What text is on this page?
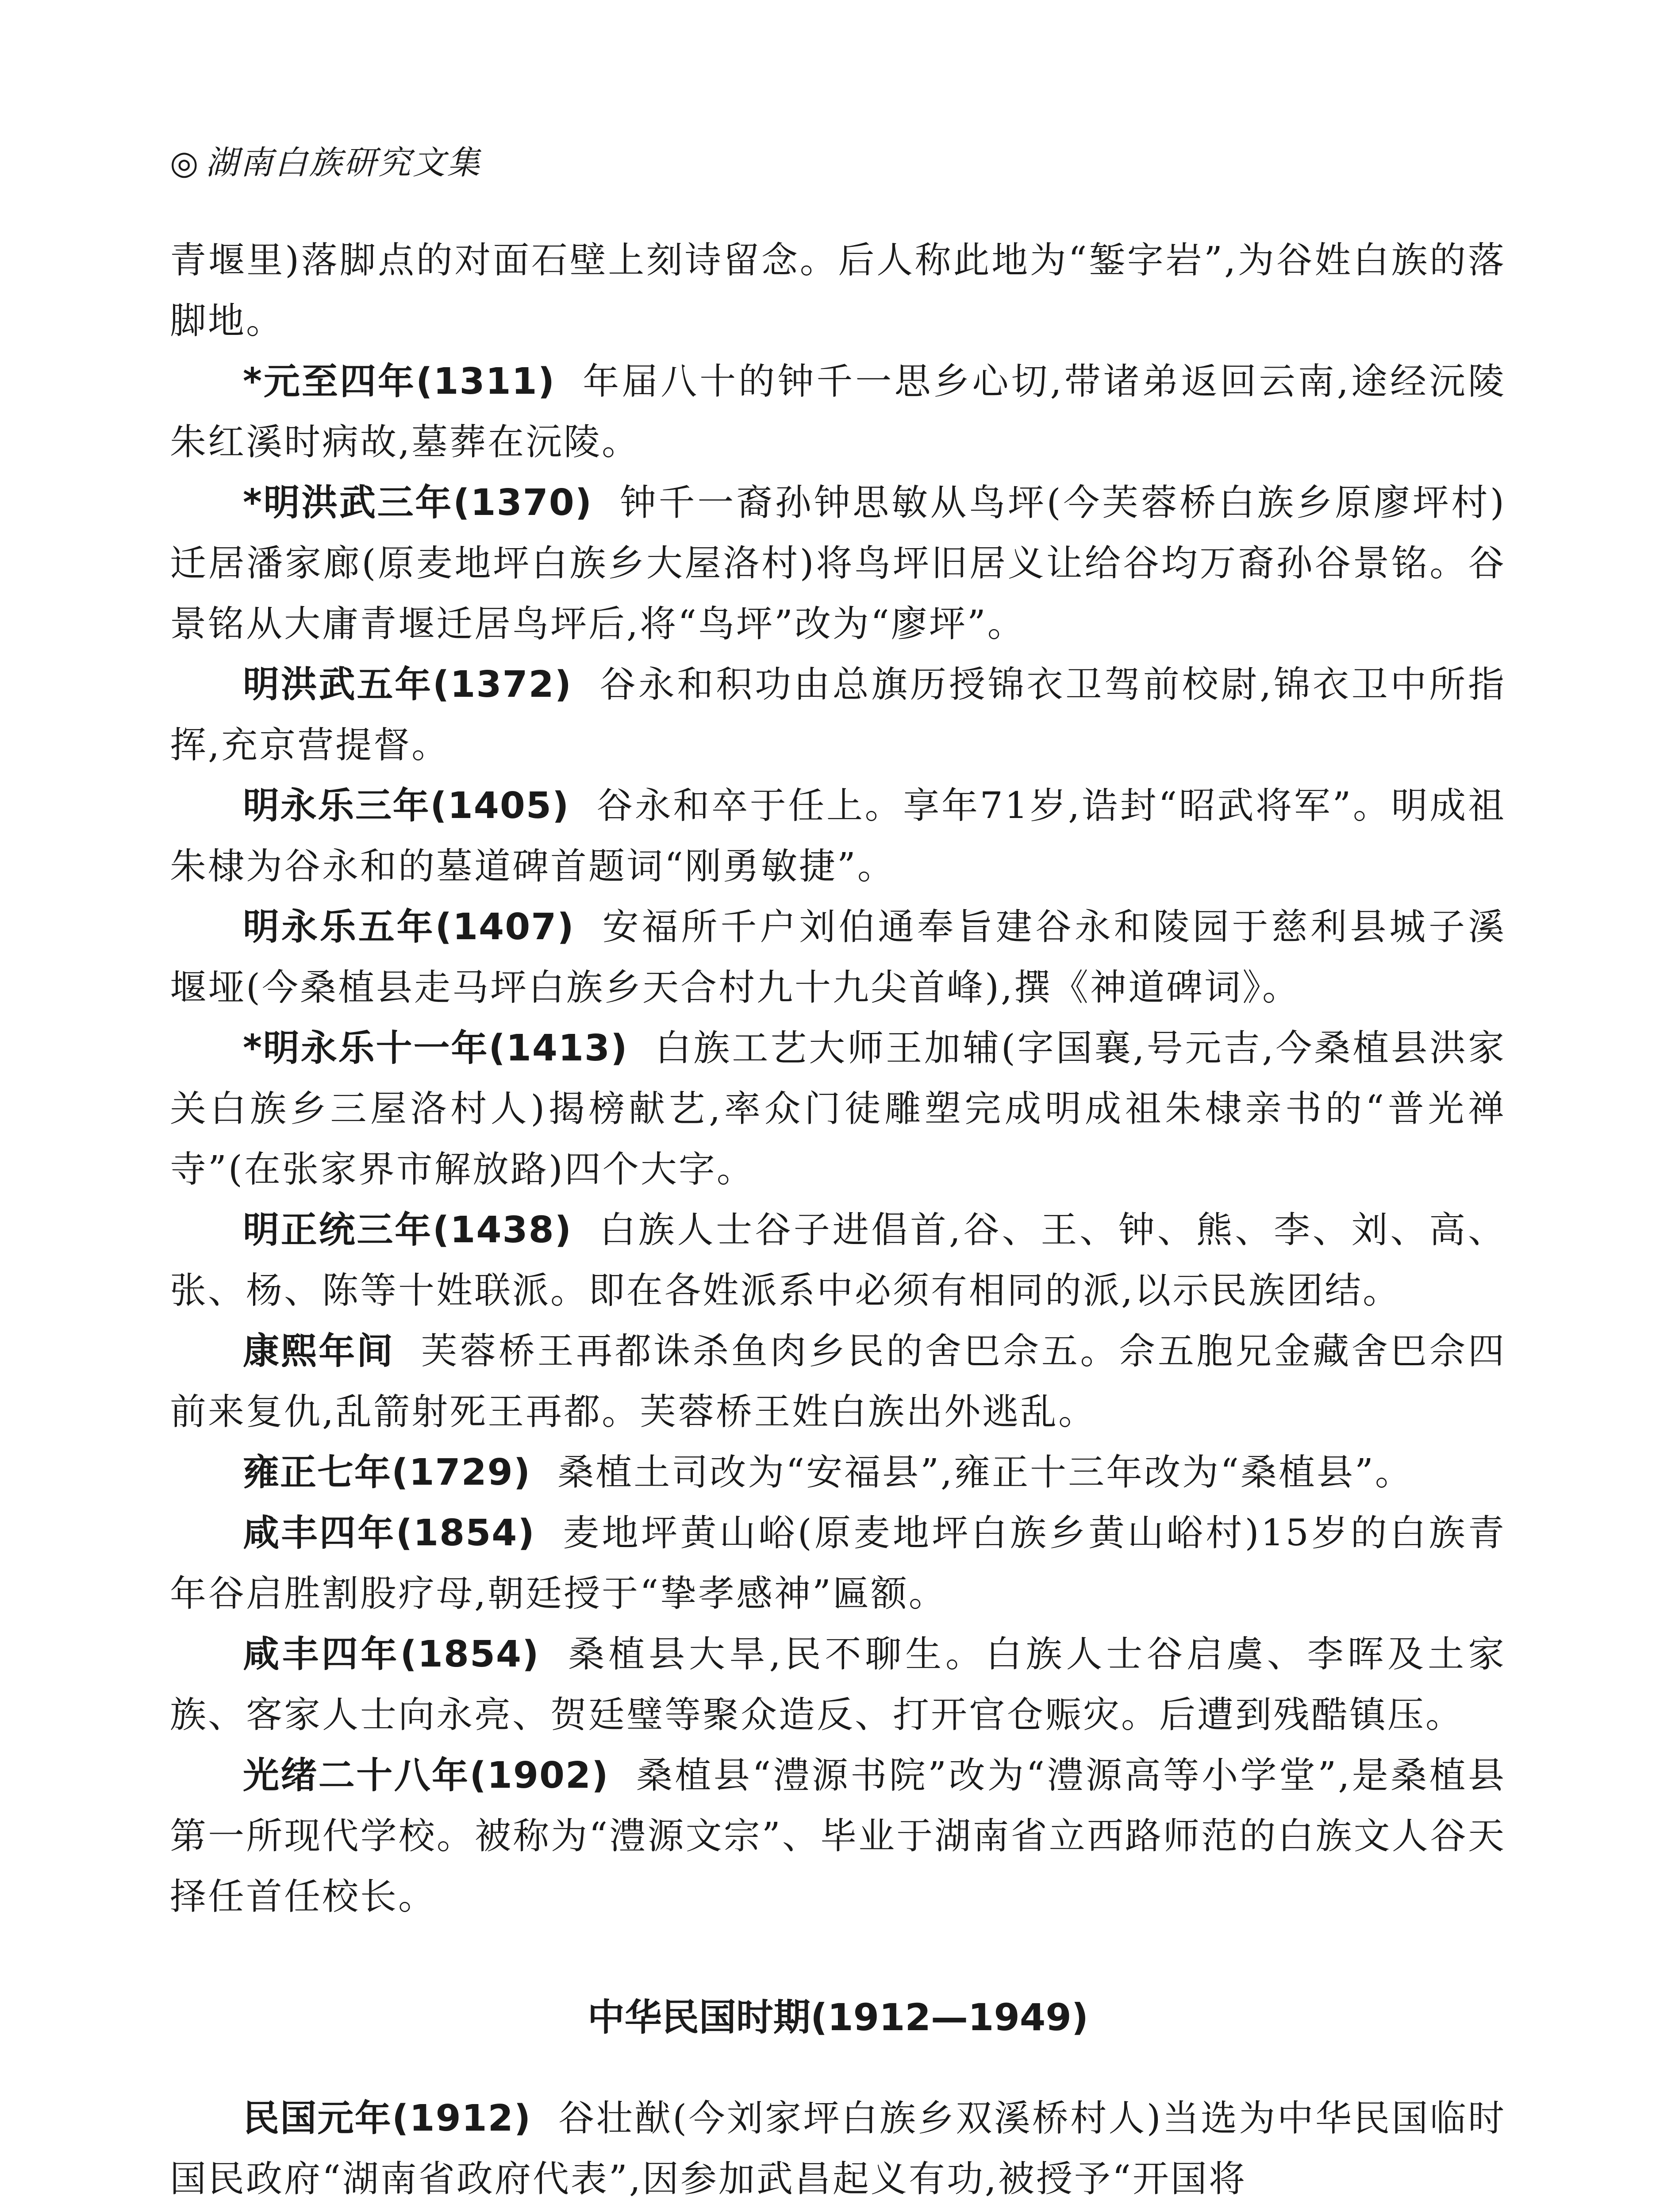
◎ 湖南白族研究文集

青堰里)落脚点的对面石壁上刻诗留念。后人称此地为“錾字岩”,为谷姓白族的落脚地。

*元至四年(1311) 年届八十的钟千一思乡心切,带诸弟返回云南,途经沅陵朱红溪时病故,墓葬在沅陵。

*明洪武三年(1370) 钟千一裔孙钟思敏从鸟坪(今芙蓉桥白族乡原廖坪村)迁居潘家廊(原麦地坪白族乡大屋洛村)将鸟坪旧居义让给谷均万裔孙谷景铭。谷景铭从大庸青堰迁居鸟坪后,将“鸟坪”改为“廖坪”。

明洪武五年(1372) 谷永和积功由总旗历授锦衣卫驾前校尉,锦衣卫中所指挥,充京营提督。

明永乐三年(1405) 谷永和卒于任上。享年71岁,诰封“昭武将军”。明成祖朱棣为谷永和的墓道碑首题词“刚勇敏捷”。

明永乐五年(1407) 安福所千户刘伯通奉旨建谷永和陵园于慈利县城子溪堰垭(今桑植县走马坪白族乡天合村九十九尖首峰),撰《神道碑词》。

*明永乐十一年(1413) 白族工艺大师王加辅(字国襄,号元吉,今桑植县洪家关白族乡三屋洛村人)揭榜献艺,率众门徒雕塑完成明成祖朱棣亲书的“普光禅寺”(在张家界市解放路)四个大字。

明正统三年(1438) 白族人士谷子进倡首,谷、王、钟、熊、李、刘、高、张、杨、陈等十姓联派。即在各姓派系中必须有相同的派,以示民族团结。

康熙年间 芙蓉桥王再都诛杀鱼肉乡民的舍巴佘五。佘五胞兄金藏舍巴佘四前来复仇,乱箭射死王再都。芙蓉桥王姓白族出外逃乱。

雍正七年(1729) 桑植土司改为“安福县”,雍正十三年改为“桑植县”。

咸丰四年(1854) 麦地坪黄山峪(原麦地坪白族乡黄山峪村)15岁的白族青年谷启胜割股疗母,朝廷授于“挚孝感神”匾额。

咸丰四年(1854) 桑植县大旱,民不聊生。白族人士谷启虞、李晖及土家族、客家人士向永亮、贺廷璧等聚众造反、打开官仓赈灾。后遭到残酷镇压。

光绪二十八年(1902) 桑植县“澧源书院”改为“澧源高等小学堂”,是桑植县第一所现代学校。被称为“澧源文宗”、毕业于湖南省立西路师范的白族文人谷天择任首任校长。

中华民国时期(1912—1949)

民国元年(1912) 谷壮猷(今刘家坪白族乡双溪桥村人)当选为中华民国临时国民政府“湖南省政府代表”,因参加武昌起义有功,被授予“开国将
